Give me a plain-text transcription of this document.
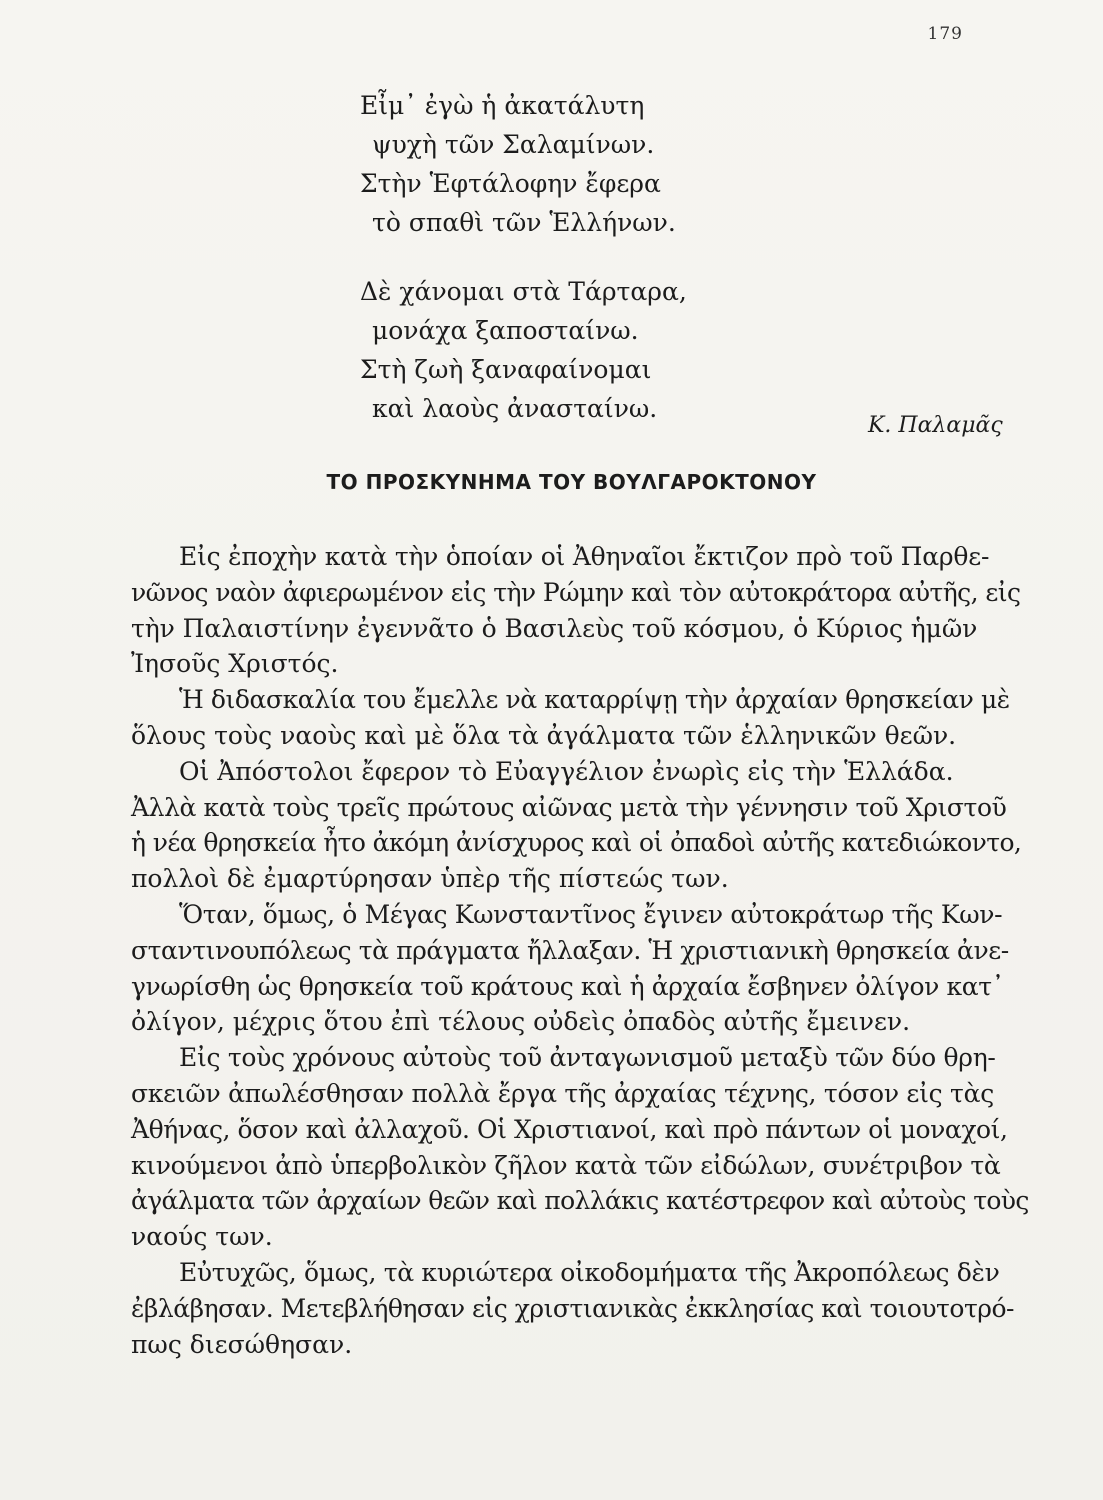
179
Εἶμ᾽ ἐγὼ ἡ ἀκατάλυτη
ψυχὴ τῶν Σαλαμίνων.
Στὴν Ἑφτάλοφην ἔφερα
τὸ σπαθὶ τῶν Ἑλλήνων.
Δὲ χάνομαι στὰ Τάρταρα,
μονάχα ξαποσταίνω.
Στὴ ζωὴ ξαναφαίνομαι
καὶ λαοὺς ἀνασταίνω.
Κ. Παλαμᾶς
ΤΟ ΠΡΟΣΚΥΝΗΜΑ ΤΟΥ ΒΟΥΛΓΑΡΟΚΤΟΝΟΥ
Εἰς ἐποχὴν κατὰ τὴν ὁποίαν οἱ Ἀθηναῖοι ἔκτιζον πρὸ τοῦ Παρθε-
νῶνος ναὸν ἀφιερωμένον εἰς τὴν Ρώμην καὶ τὸν αὐτοκράτορα αὐτῆς, εἰς
τὴν Παλαιστίνην ἐγεννᾶτο ὁ Βασιλεὺς τοῦ κόσμου, ὁ Κύριος ἡμῶν
Ἰησοῦς Χριστός.
Ἡ διδασκαλία του ἔμελλε νὰ καταρρίψῃ τὴν ἀρχαίαν θρησκείαν μὲ
ὅλους τοὺς ναοὺς καὶ μὲ ὅλα τὰ ἀγάλματα τῶν ἑλληνικῶν θεῶν.
Οἱ Ἀπόστολοι ἔφερον τὸ Εὐαγγέλιον ἐνωρὶς εἰς τὴν Ἑλλάδα.
Ἀλλὰ κατὰ τοὺς τρεῖς πρώτους αἰῶνας μετὰ τὴν γέννησιν τοῦ Χριστοῦ
ἡ νέα θρησκεία ἦτο ἀκόμη ἀνίσχυρος καὶ οἱ ὀπαδοὶ αὐτῆς κατεδιώκοντο,
πολλοὶ δὲ ἐμαρτύρησαν ὑπὲρ τῆς πίστεώς των.
Ὅταν, ὅμως, ὁ Μέγας Κωνσταντῖνος ἔγινεν αὐτοκράτωρ τῆς Κων-
σταντινουπόλεως τὰ πράγματα ἤλλαξαν. Ἡ χριστιανικὴ θρησκεία ἀνε-
γνωρίσθη ὡς θρησκεία τοῦ κράτους καὶ ἡ ἀρχαία ἔσβηνεν ὀλίγον κατ᾽
ὀλίγον, μέχρις ὅτου ἐπὶ τέλους οὐδεὶς ὀπαδὸς αὐτῆς ἔμεινεν.
Εἰς τοὺς χρόνους αὐτοὺς τοῦ ἀνταγωνισμοῦ μεταξὺ τῶν δύο θρη-
σκειῶν ἀπωλέσθησαν πολλὰ ἔργα τῆς ἀρχαίας τέχνης, τόσον εἰς τὰς
Ἀθήνας, ὅσον καὶ ἀλλαχοῦ. Οἱ Χριστιανοί, καὶ πρὸ πάντων οἱ μοναχοί,
κινούμενοι ἀπὸ ὑπερβολικὸν ζῆλον κατὰ τῶν εἰδώλων, συνέτριβον τὰ
ἀγάλματα τῶν ἀρχαίων θεῶν καὶ πολλάκις κατέστρεφον καὶ αὐτοὺς τοὺς
ναούς των.
Εὐτυχῶς, ὅμως, τὰ κυριώτερα οἰκοδομήματα τῆς Ἀκροπόλεως δὲν
ἐβλάβησαν. Μετεβλήθησαν εἰς χριστιανικὰς ἐκκλησίας καὶ τοιουτοτρό-
πως διεσώθησαν.
